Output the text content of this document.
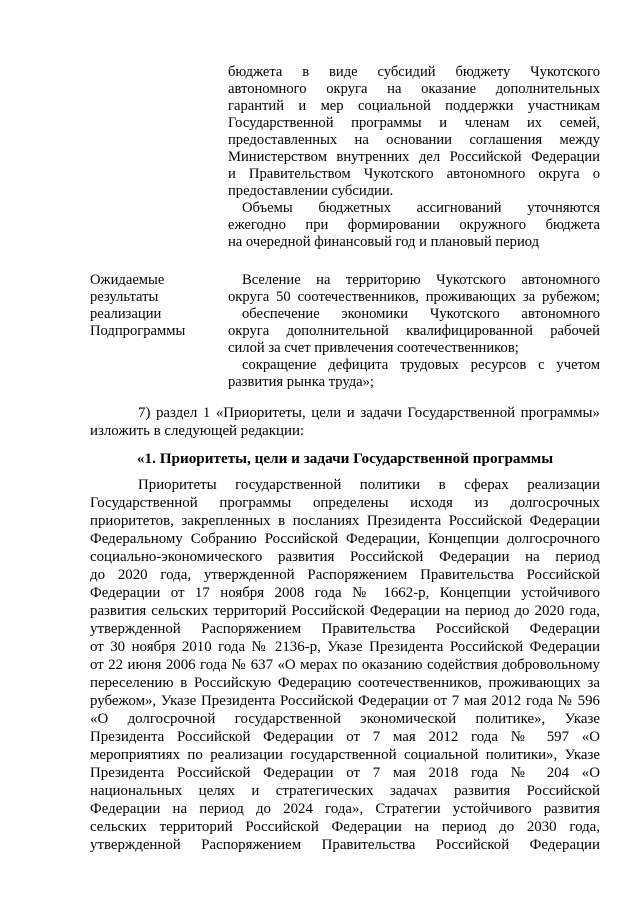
бюджета в виде субсидий бюджету Чукотского
автономного округа на оказание дополнительных
гарантий и мер социальной поддержки участникам
Государственной программы и членам их семей,
предоставленных на основании соглашения между
Министерством внутренних дел Российской Федерации
и Правительством Чукотского автономного округа о
предоставлении субсидии.
Объемы бюджетных ассигнований уточняются
ежегодно при формировании окружного бюджета
на очередной финансовый год и плановый период
Ожидаемые
результаты
реализации
Подпрограммы
Вселение на территорию Чукотского автономного
округа 50 соотечественников, проживающих за рубежом;
обеспечение экономики Чукотского автономного
округа дополнительной квалифицированной рабочей
силой за счет привлечения соотечественников;
сокращение дефицита трудовых ресурсов с учетом
развития рынка труда»;
7) раздел 1 «Приоритеты, цели и задачи Государственной программы»
изложить в следующей редакции:
«1. Приоритеты, цели и задачи Государственной программы
Приоритеты государственной политики в сферах реализации
Государственной программы определены исходя из долгосрочных
приоритетов, закрепленных в посланиях Президента Российской Федерации
Федеральному Собранию Российской Федерации, Концепции долгосрочного
социально-экономического развития Российской Федерации на период
до 2020 года, утвержденной Распоряжением Правительства Российской
Федерации от 17 ноября 2008 года № 1662-р, Концепции устойчивого
развития сельских территорий Российской Федерации на период до 2020 года,
утвержденной Распоряжением Правительства Российской Федерации
от 30 ноября 2010 года № 2136-р, Указе Президента Российской Федерации
от 22 июня 2006 года № 637 «О мерах по оказанию содействия добровольному
переселению в Российскую Федерацию соотечественников, проживающих за
рубежом», Указе Президента Российской Федерации от 7 мая 2012 года № 596
«О долгосрочной государственной экономической политике», Указе
Президента Российской Федерации от 7 мая 2012 года № 597 «О
мероприятиях по реализации государственной социальной политики», Указе
Президента Российской Федерации от 7 мая 2018 года № 204 «О
национальных целях и стратегических задачах развития Российской
Федерации на период до 2024 года», Стратегии устойчивого развития
сельских территорий Российской Федерации на период до 2030 года,
утвержденной Распоряжением Правительства Российской Федерации
